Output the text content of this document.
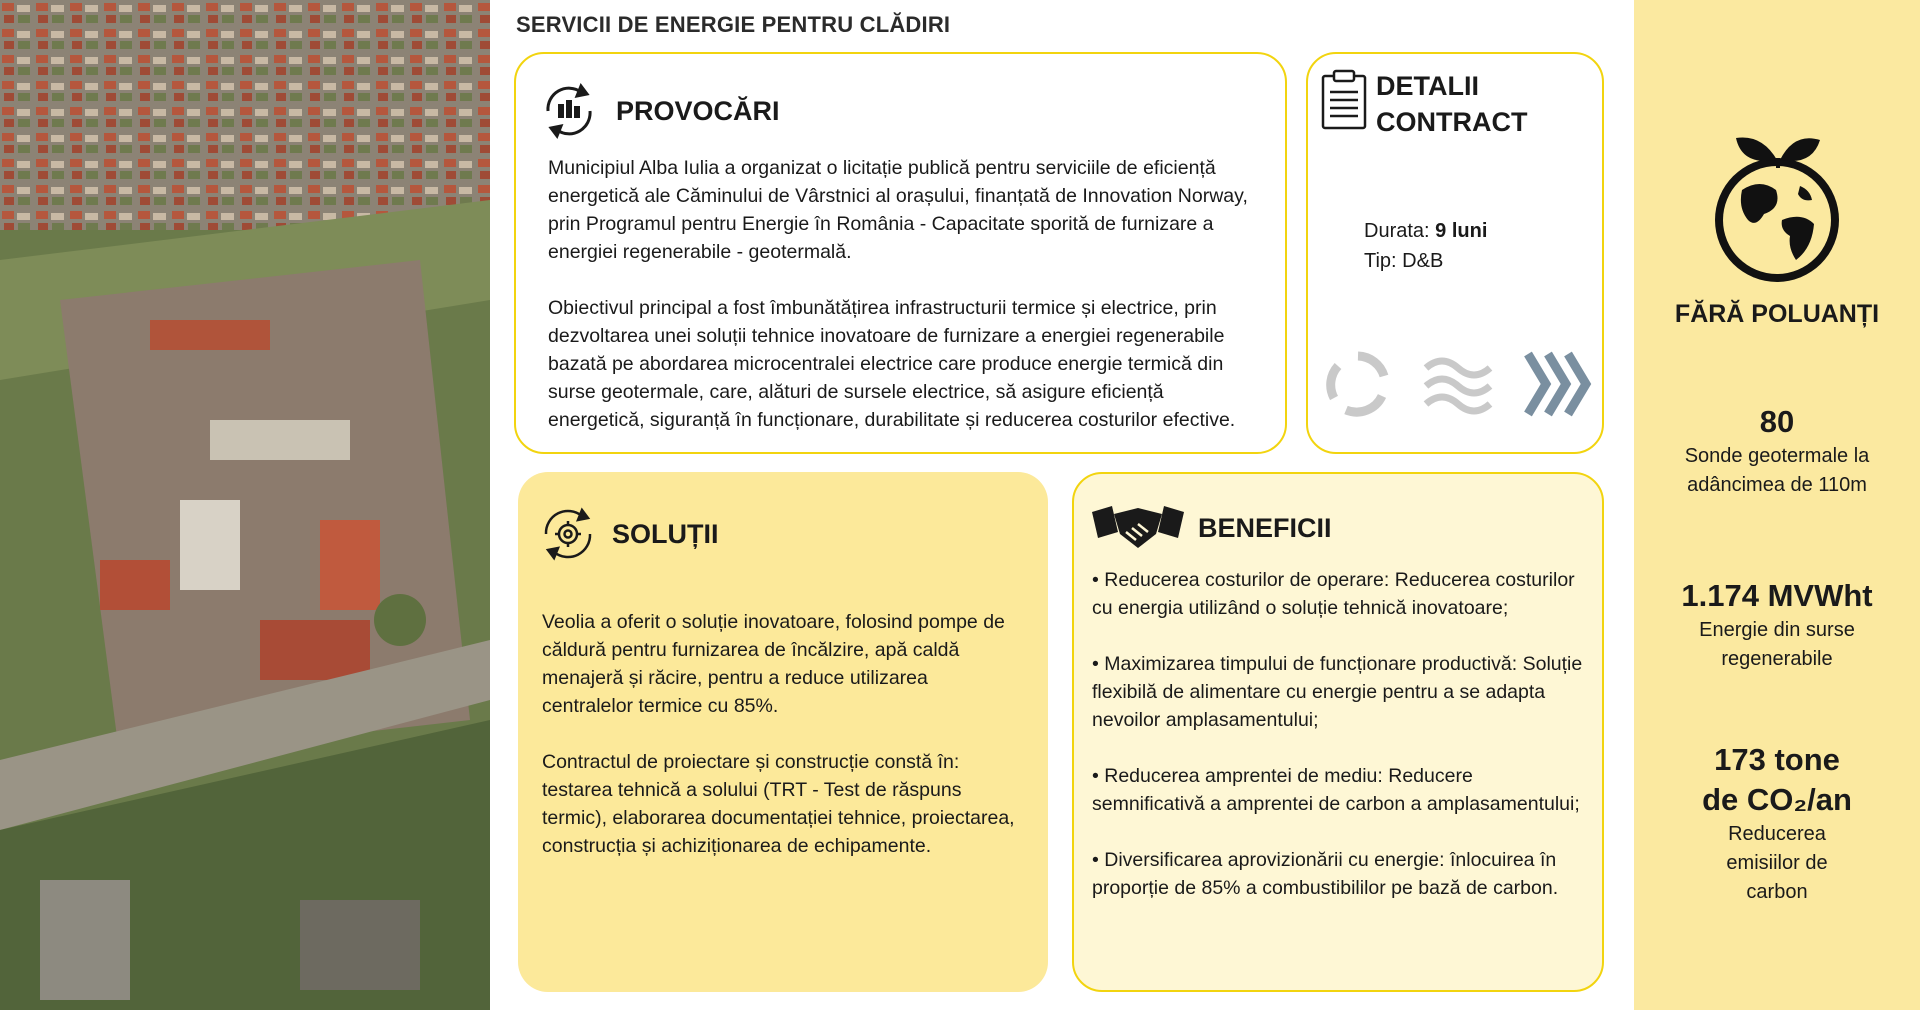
SERVICII DE ENERGIE PENTRU CLĂDIRI
PROVOCĂRI

Municipiul Alba Iulia a organizat o licitație publică pentru serviciile de eficiență energetică ale Căminului de Vârstnici al orașului, finanțată de Innovation Norway, prin Programul pentru Energie în România - Capacitate sporită de furnizare a energiei regenerabile - geotermală.

Obiectivul principal a fost îmbunătățirea infrastructurii termice și electrice, prin dezvoltarea unei soluții tehnice inovatoare de furnizare a energiei regenerabile bazată pe abordarea microcentralei electrice care produce energie termică din surse geotermale, care, alături de sursele electrice, să asigure eficiență energetică, siguranță în funcționare, durabilitate și reducerea costurilor efective.

DETALII
CONTRACT
Durata: 9 luni
Tip: D&B
SOLUȚII

Veolia a oferit o soluție inovatoare, folosind pompe de căldură pentru furnizarea de încălzire, apă caldă menajeră și răcire, pentru a reduce utilizarea centralelor termice cu 85%.

Contractul de proiectare și construcție constă în: testarea tehnică a solului (TRT - Test de răspuns termic), elaborarea documentației tehnice, proiectarea, construcția și achiziționarea de echipamente.

BENEFICII

• Reducerea costurilor de operare: Reducerea costurilor cu energia utilizând o soluție tehnică inovatoare;

• Maximizarea timpului de funcționare productivă: Soluție flexibilă de alimentare cu energie pentru a se adapta nevoilor amplasamentului;

• Reducerea amprentei de mediu: Reducere semnificativă a amprentei de carbon a amplasamentului;

• Diversificarea aprovizionării cu energie: înlocuirea în proporție de 85% a combustibililor pe bază de carbon.

FĂRĂ POLUANȚI
80
Sonde geotermale la adâncimea de 110m
1.174 MVWht
Energie din surse regenerabile
173 tone
de CO₂/an
Reducerea emisiilor de carbon
